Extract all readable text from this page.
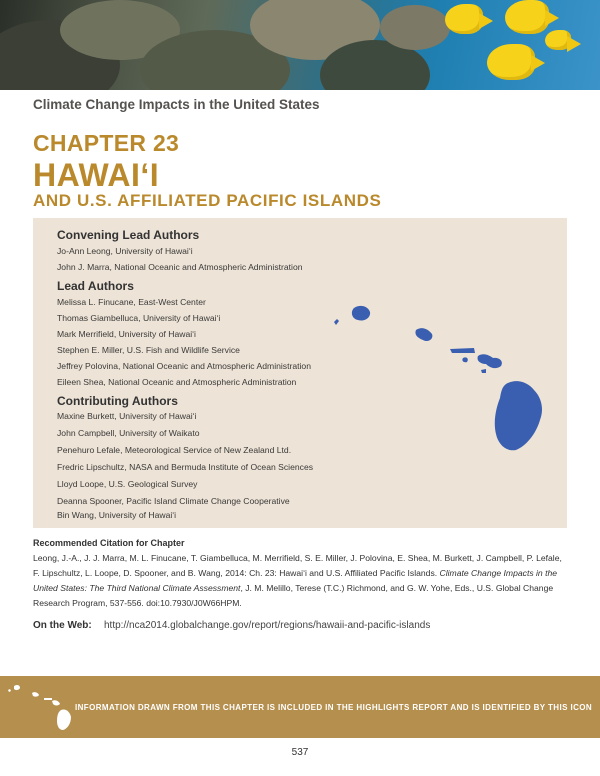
Climate Change Impacts in the United States
CHAPTER 23
HAWAI‘I
AND U.S. AFFILIATED PACIFIC ISLANDS
Convening Lead Authors
Jo-Ann Leong, University of Hawai‘i
John J. Marra, National Oceanic and Atmospheric Administration
Lead Authors
Melissa L. Finucane, East-West Center
Thomas Giambelluca, University of Hawai‘i
Mark Merrifield, University of Hawai‘i
Stephen E. Miller, U.S. Fish and Wildlife Service
Jeffrey Polovina, National Oceanic and Atmospheric Administration
Eileen Shea, National Oceanic and Atmospheric Administration
Contributing Authors
Maxine Burkett, University of Hawai‘i
John Campbell, University of Waikato
Penehuro Lefale, Meteorological Service of New Zealand Ltd.
Fredric Lipschultz, NASA and Bermuda Institute of Ocean Sciences
Lloyd Loope, U.S. Geological Survey
Deanna Spooner, Pacific Island Climate Change Cooperative
Bin Wang, University of Hawai‘i
Recommended Citation for Chapter
Leong, J.-A., J. J. Marra, M. L. Finucane, T. Giambelluca, M. Merrifield, S. E. Miller, J. Polovina, E. Shea, M. Burkett, J. Campbell, P. Lefale, F. Lipschultz, L. Loope, D. Spooner, and B. Wang, 2014: Ch. 23: Hawai‘i and U.S. Affiliated Pacific Islands. Climate Change Impacts in the United States: The Third National Climate Assessment, J. M. Melillo, Terese (T.C.) Richmond, and G. W. Yohe, Eds., U.S. Global Change Research Program, 537-556. doi:10.7930/J0W66HPM.
On the Web: http://nca2014.globalchange.gov/report/regions/hawaii-and-pacific-islands
INFORMATION DRAWN FROM THIS CHAPTER IS INCLUDED IN THE HIGHLIGHTS REPORT AND IS IDENTIFIED BY THIS ICON
537
